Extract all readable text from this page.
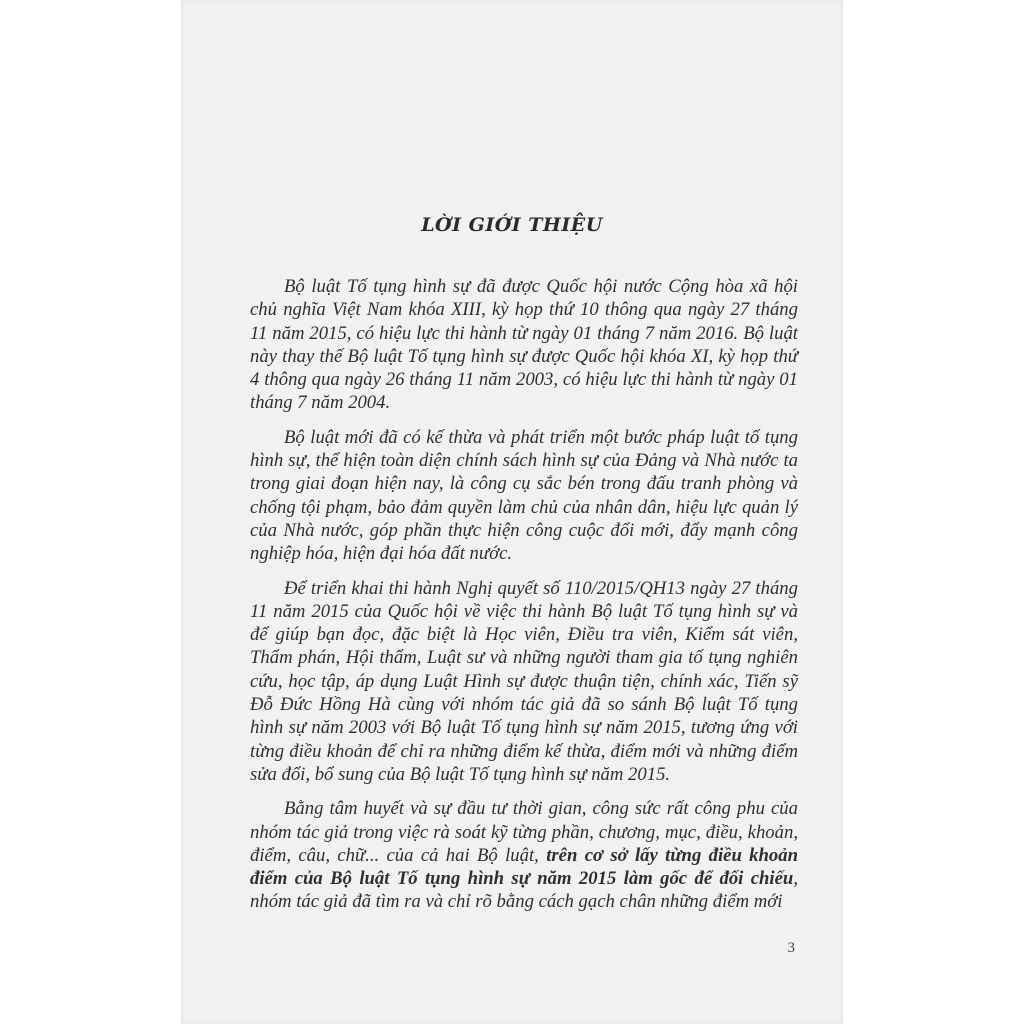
LỜI GIỚI THIỆU

Bộ luật Tố tụng hình sự đã được Quốc hội nước Cộng hòa xã hội chủ nghĩa Việt Nam khóa XIII, kỳ họp thứ 10 thông qua ngày 27 tháng 11 năm 2015, có hiệu lực thi hành từ ngày 01 tháng 7 năm 2016. Bộ luật này thay thế Bộ luật Tố tụng hình sự được Quốc hội khóa XI, kỳ họp thứ 4 thông qua ngày 26 tháng 11 năm 2003, có hiệu lực thi hành từ ngày 01 tháng 7 năm 2004.

Bộ luật mới đã có kế thừa và phát triển một bước pháp luật tố tụng hình sự, thể hiện toàn diện chính sách hình sự của Đảng và Nhà nước ta trong giai đoạn hiện nay, là công cụ sắc bén trong đấu tranh phòng và chống tội phạm, bảo đảm quyền làm chủ của nhân dân, hiệu lực quản lý của Nhà nước, góp phần thực hiện công cuộc đổi mới, đẩy mạnh công nghiệp hóa, hiện đại hóa đất nước.

Để triển khai thi hành Nghị quyết số 110/2015/QH13 ngày 27 tháng 11 năm 2015 của Quốc hội về việc thi hành Bộ luật Tố tụng hình sự và để giúp bạn đọc, đặc biệt là Học viên, Điều tra viên, Kiểm sát viên, Thẩm phán, Hội thẩm, Luật sư và những người tham gia tố tụng nghiên cứu, học tập, áp dụng Luật Hình sự được thuận tiện, chính xác, Tiến sỹ Đỗ Đức Hồng Hà cùng với nhóm tác giả đã so sánh Bộ luật Tố tụng hình sự năm 2003 với Bộ luật Tố tụng hình sự năm 2015, tương ứng với từng điều khoản để chỉ ra những điểm kế thừa, điểm mới và những điểm sửa đổi, bổ sung của Bộ luật Tố tụng hình sự năm 2015.

Bằng tâm huyết và sự đầu tư thời gian, công sức rất công phu của nhóm tác giả trong việc rà soát kỹ từng phần, chương, mục, điều, khoản, điểm, câu, chữ... của cả hai Bộ luật, trên cơ sở lấy từng điều khoản điểm của Bộ luật Tố tụng hình sự năm 2015 làm gốc để đối chiếu, nhóm tác giả đã tìm ra và chỉ rõ bằng cách gạch chân những điểm mới

3
